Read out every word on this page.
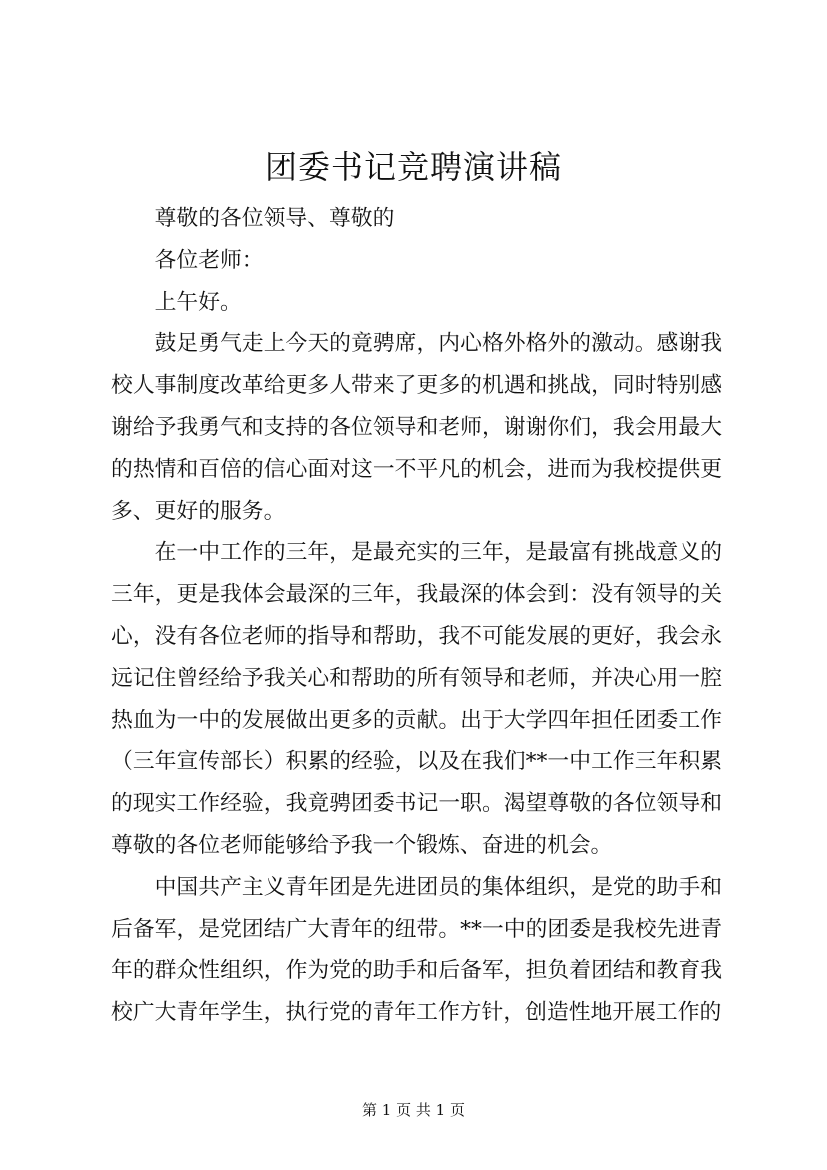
团委书记竞聘演讲稿

尊敬的各位领导、尊敬的

各位老师：

上午好。

鼓足勇气走上今天的竟骋席，内心格外格外的激动。感谢我校人事制度改革给更多人带来了更多的机遇和挑战，同时特别感谢给予我勇气和支持的各位领导和老师，谢谢你们，我会用最大的热情和百倍的信心面对这一不平凡的机会，进而为我校提供更多、更好的服务。

在一中工作的三年，是最充实的三年，是最富有挑战意义的三年，更是我体会最深的三年，我最深的体会到：没有领导的关心，没有各位老师的指导和帮助，我不可能发展的更好，我会永远记住曾经给予我关心和帮助的所有领导和老师，并决心用一腔热血为一中的发展做出更多的贡献。出于大学四年担任团委工作（三年宣传部长）积累的经验，以及在我们**一中工作三年积累的现实工作经验，我竟骋团委书记一职。渴望尊敬的各位领导和尊敬的各位老师能够给予我一个锻炼、奋进的机会。

中国共产主义青年团是先进团员的集体组织，是党的助手和后备军，是党团结广大青年的纽带。**一中的团委是我校先进青年的群众性组织，作为党的助手和后备军，担负着团结和教育我校广大青年学生，执行党的青年工作方针，创造性地开展工作的

第 1 页 共 1 页
